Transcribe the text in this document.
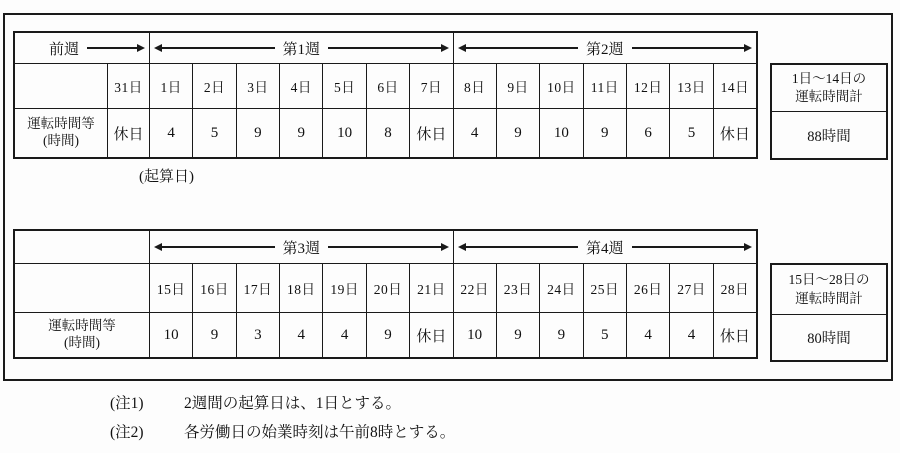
前週	第1週	第2週
31日	1日	2日	3日	4日	5日	6日	7日	8日	9日	10日	11日	12日	13日	14日
運転時間等
(時間)	休日	4	5	9	9	10	8	休日	4	9	10	9	6	5	休日
(起算日)
1日～14日の
運転時間計
88時間
第3週	第4週
15日	16日	17日	18日	19日	20日	21日	22日	23日	24日	25日	26日	27日	28日
運転時間等
(時間)	10	9	3	4	4	9	休日	10	9	9	5	4	4	休日
15日～28日の
運転時間計
80時間
(注1)	2週間の起算日は、1日とする。
(注2)	各労働日の始業時刻は午前8時とする。
